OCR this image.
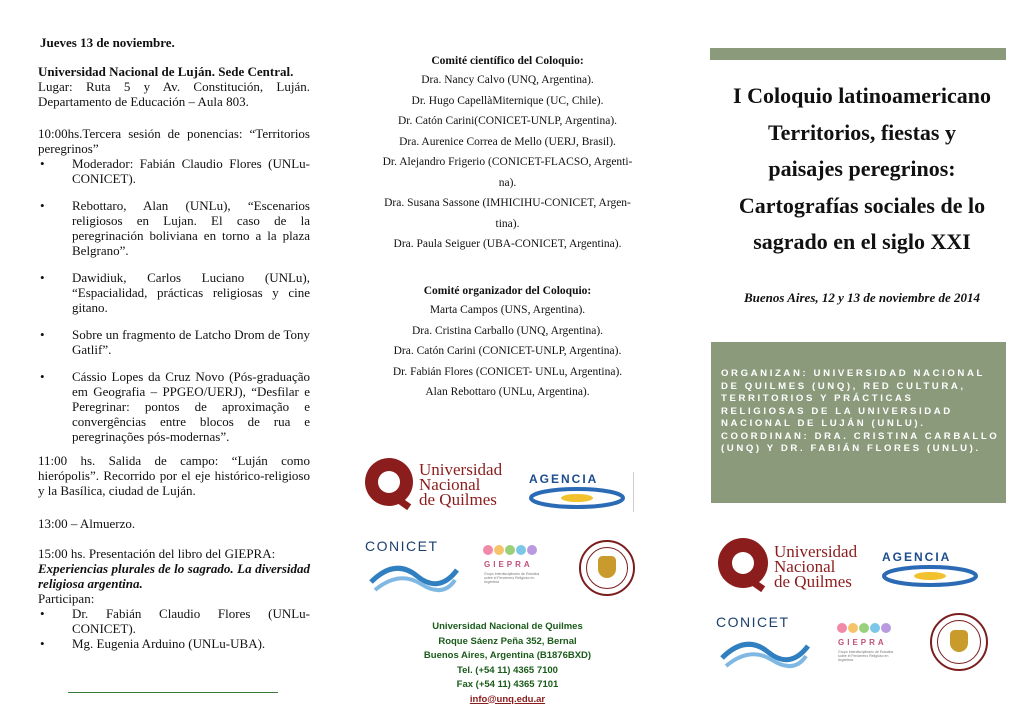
Jueves 13 de noviembre.
Universidad Nacional de Luján. Sede Central.
Lugar: Ruta 5 y Av. Constitución, Luján. Departamento de Educación – Aula 803.
10:00hs.Tercera sesión de ponencias: “Territorios peregrinos”
• Moderador: Fabián Claudio Flores (UNLu-CONICET).
• Rebottaro, Alan (UNLu), “Escenarios religiosos en Lujan. El caso de la peregrinación boliviana en torno a la plaza Belgrano”.
• Dawidiuk, Carlos Luciano (UNLu), “Espacialidad, prácticas religiosas y cine gitano.
• Sobre un fragmento de Latcho Drom de Tony Gatlif”.
• Cássio Lopes da Cruz Novo (Pós-graduação em Geografia – PPGEO/UERJ), “Desfilar e Peregrinar: pontos de aproximação e convergências entre blocos de rua e peregrinações pós-modernas”.
11:00 hs. Salida de campo: “Luján como hierópolis”. Recorrido por el eje histórico-religioso y la Basílica, ciudad de Luján.
13:00 – Almuerzo.
15:00 hs. Presentación del libro del GIEPRA:
Experiencias plurales de lo sagrado. La diversidad religiosa argentina.
Participan:
• Dr. Fabián Claudio Flores (UNLu- CONICET).
• Mg. Eugenia Arduino (UNLu-UBA).
Comité científico del Coloquio:
Dra. Nancy Calvo (UNQ, Argentina).
Dr. Hugo CapellàMiternique (UC, Chile).
Dr. Catón Carini(CONICET-UNLP, Argentina).
Dra. Aurenice Correa de Mello (UERJ, Brasil).
Dr. Alejandro Frigerio (CONICET-FLACSO, Argenti-
na).
Dra. Susana Sassone (IMHICIHU-CONICET, Argen-
tina).
Dra. Paula Seiguer (UBA-CONICET, Argentina).
Comité organizador del Coloquio:
Marta Campos (UNS, Argentina).
Dra. Cristina Carballo (UNQ, Argentina).
Dra. Catón Carini (CONICET-UNLP, Argentina).
Dr. Fabián Flores (CONICET- UNLu, Argentina).
Alan Rebottaro (UNLu, Argentina).
Universidad
Nacional
de Quilmes
AGENCIA
CONICET
GIEPRA
Grupo Interdisciplinario de Estudios sobre el Fenómeno Religioso en Argentina
Universidad Nacional de Quilmes
Roque Sáenz Peña 352, Bernal
Buenos Aires, Argentina (B1876BXD)
Tel. (+54 11) 4365 7100
Fax (+54 11) 4365 7101
info@unq.edu.ar
I Coloquio latinoamericano
Territorios, fiestas y
paisajes peregrinos:
Cartografías sociales de lo
sagrado en el siglo XXI
Buenos Aires, 12 y 13 de noviembre de 2014
ORGANIZAN: UNIVERSIDAD NACIONAL DE QUILMES (UNQ), RED CULTURA, TERRITORIOS Y PRÁCTICAS RELIGIOSAS DE LA UNIVERSIDAD NACIONAL DE LUJÁN (UNLU). COORDINAN: DRA. CRISTINA CARBALLO (UNQ) Y DR. FABIÁN FLORES (UNLU).
Universidad
Nacional
de Quilmes
AGENCIA
CONICET
GIEPRA
Grupo Interdisciplinario de Estudios sobre el Fenómeno Religioso en Argentina
